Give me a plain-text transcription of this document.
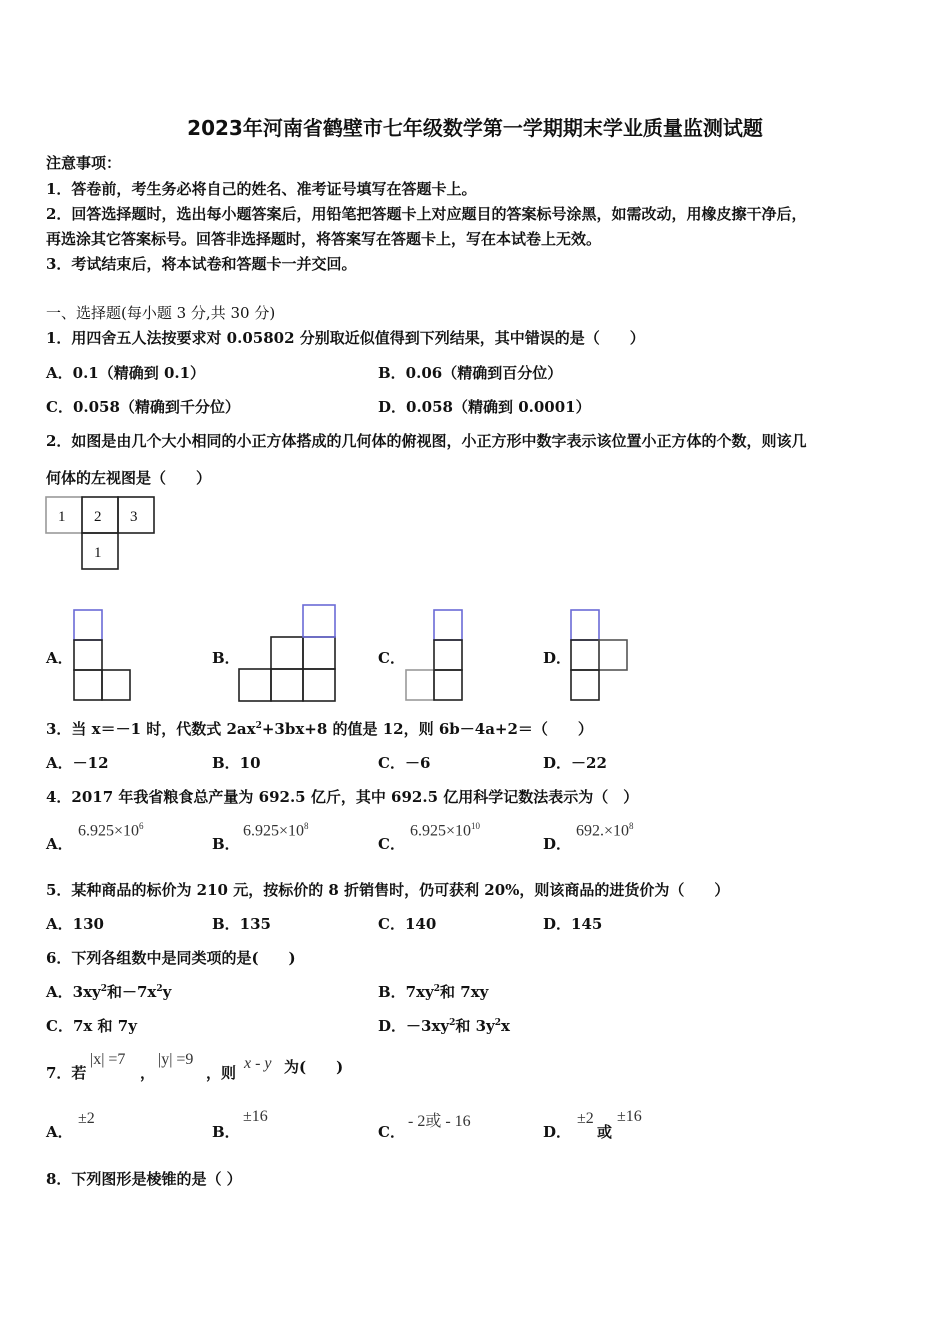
2023年河南省鹤壁市七年级数学第一学期期末学业质量监测试题
注意事项：
1．答卷前，考生务必将自己的姓名、准考证号填写在答题卡上。
2．回答选择题时，选出每小题答案后，用铅笔把答题卡上对应题目的答案标号涂黑，如需改动，用橡皮擦干净后，
再选涂其它答案标号。回答非选择题时，将答案写在答题卡上，写在本试卷上无效。
3．考试结束后，将本试卷和答题卡一并交回。
一、选择题(每小题 3 分,共 30 分)
1．用四舍五人法按要求对 0.05802 分别取近似值得到下列结果，其中错误的是（　　）
A．0.1（精确到 0.1）	B．0.06（精确到百分位）
C．0.058（精确到千分位）	D．0.058（精确到 0.0001）
2．如图是由几个大小相同的小正方体搭成的几何体的俯视图，小正方形中数字表示该位置小正方体的个数，则该几
何体的左视图是（　　）
1 2 3
1
A．	B．	C．	D．
3．当 x＝－1 时，代数式 $2ax^2+3bx+8$ 的值是 12，则 6b－4a+2＝（　　）
A．－12	B．10	C．－6	D．－22
4．2017 年我省粮食总产量为 692.5 亿斤，其中 692.5 亿用科学记数法表示为（　）
A．
$6.925\times 10^6$
B．
$6.925\times 10^8$
C．
$6.925\times 10^{10}$
D．
$692.\times 10^8$
5．某种商品的标价为 210 元，按标价的 8 折销售时，仍可获利 20%，则该商品的进货价为（　　）
A．130	B．135	C．140	D．145
6．下列各组数中是同类项的是(　　)
A．$3xy^2$和$-7x^2y$	B．$7xy^2$和 7xy
C．7x 和 7y	D．$-3xy^2$和 $3y^2x$
7．若
|x| =7
，
|y| =9
，则
x - y 为(　　)
A．
±2
B．
±16
C．
- 2或 - 16
D．
±2
或
±16
8．下列图形是棱锥的是（ ）
